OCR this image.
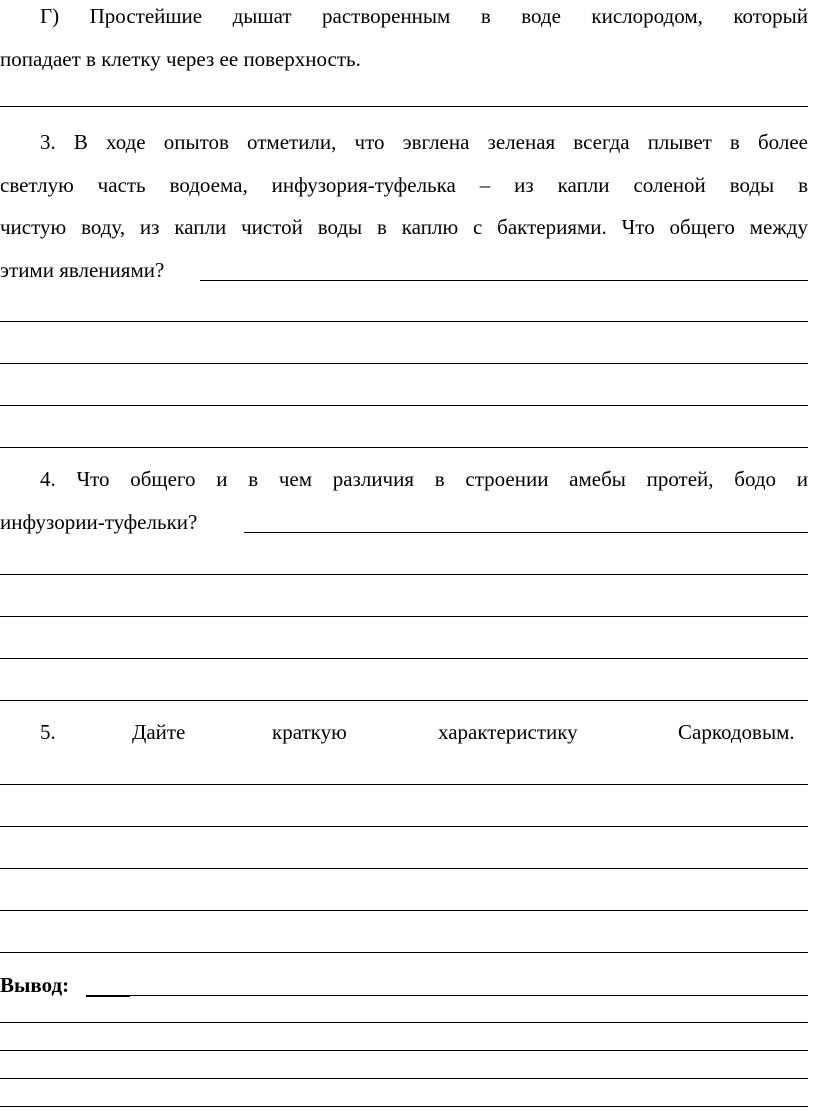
Г) Простейшие дышат растворенным в воде кислородом, который
попадает в клетку через ее поверхность.
3. В ходе опытов отметили, что эвглена зеленая всегда плывет в более
светлую часть водоема, инфузория-туфелька – из капли соленой воды в
чистую воду, из капли чистой воды в каплю с бактериями. Что общего между
этими явлениями?
4. Что общего и в чем различия в строении амебы протей, бодо и
инфузории-туфельки?
5.	Дайте	краткую	характеристику	Саркодовым.
Вывод:
